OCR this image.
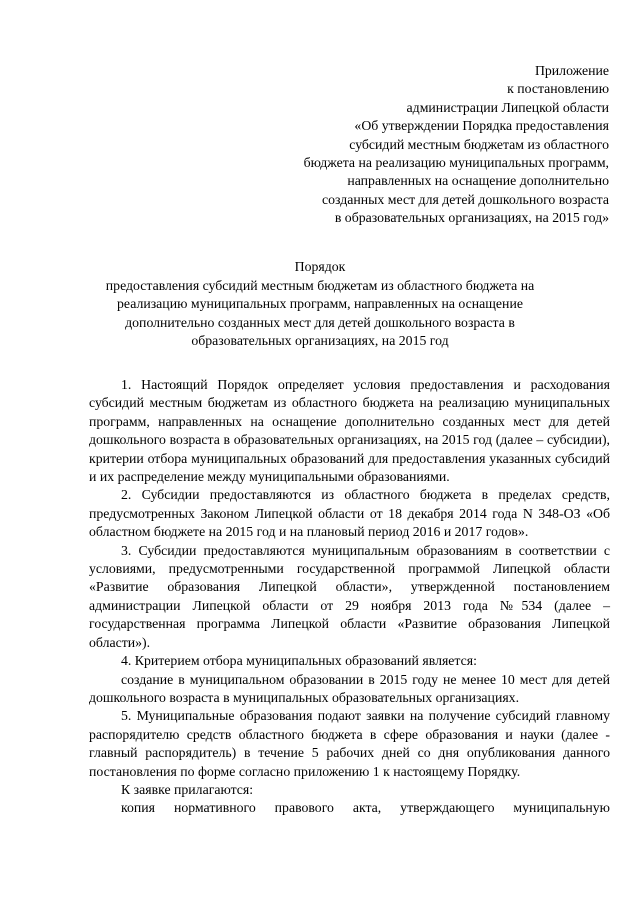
Приложение
к постановлению
администрации Липецкой области
«Об утверждении Порядка предоставления
субсидий местным бюджетам из областного
бюджета на реализацию муниципальных программ,
направленных на оснащение дополнительно
созданных мест для детей дошкольного возраста
в образовательных организациях, на 2015 год»
Порядок
предоставления субсидий местным бюджетам из областного бюджета на
реализацию муниципальных программ, направленных на оснащение
дополнительно созданных мест для детей дошкольного возраста в
образовательных организациях, на 2015 год

1. Настоящий Порядок определяет условия предоставления и расходования субсидий местным бюджетам из областного бюджета на реализацию муниципальных программ, направленных на оснащение дополнительно созданных мест для детей дошкольного возраста в образовательных организациях, на 2015 год (далее – субсидии), критерии отбора муниципальных образований для предоставления указанных субсидий и их распределение между муниципальными образованиями.

2. Субсидии предоставляются из областного бюджета в пределах средств, предусмотренных Законом Липецкой области от 18 декабря 2014 года N 348-ОЗ «Об областном бюджете на 2015 год и на плановый период 2016 и 2017 годов».

3. Субсидии предоставляются муниципальным образованиям в соответствии с условиями, предусмотренными государственной программой Липецкой области «Развитие образования Липецкой области», утвержденной постановлением администрации Липецкой области от 29 ноября 2013 года №534 (далее – государственная программа Липецкой области «Развитие образования Липецкой области»).

4. Критерием отбора муниципальных образований является:

создание в муниципальном образовании в 2015 году не менее 10 мест для детей дошкольного возраста в муниципальных образовательных организациях.

5. Муниципальные образования подают заявки на получение субсидий главному распорядителю средств областного бюджета в сфере образования и науки (далее - главный распорядитель) в течение 5 рабочих дней со дня опубликования данного постановления по форме согласно приложению 1 к настоящему Порядку.

К заявке прилагаются:

копия нормативного правового акта, утверждающего муниципальную
